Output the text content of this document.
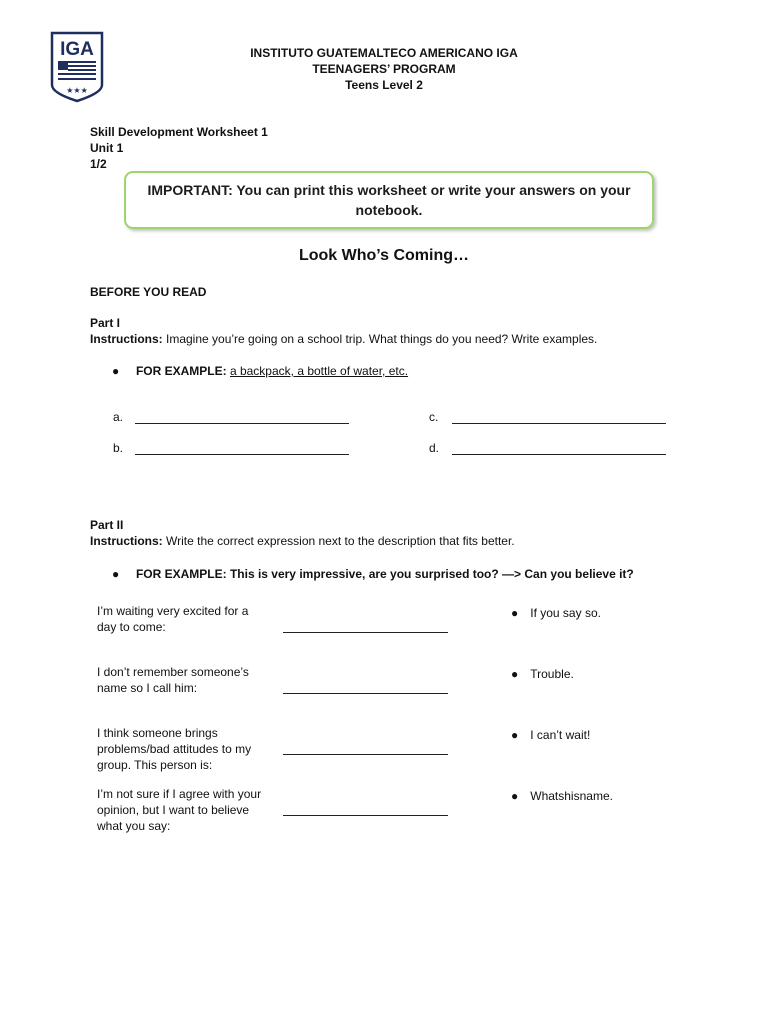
IGA
★★★
INSTITUTO GUATEMALTECO AMERICANO IGA
TEENAGERS’ PROGRAM
Teens Level 2
Skill Development Worksheet 1
Unit 1
1/2
IMPORTANT: You can print this worksheet or write your answers on your notebook.
Look Who’s Coming…
BEFORE YOU READ
Part I
Instructions: Imagine you’re going on a school trip. What things do you need? Write examples.
● FOR EXAMPLE: a backpack, a bottle of water, etc.
a.
b.
c.
d.
Part II
Instructions: Write the correct expression next to the description that fits better.
● FOR EXAMPLE: This is very impressive, are you surprised too? —> Can you believe it?
I’m waiting very excited for a day to come:
I don’t remember someone’s name so I call him:
I think someone brings problems/bad attitudes to my group. This person is:
I’m not sure if I agree with your opinion, but I want to believe what you say:
● If you say so.
● Trouble.
● I can’t wait!
● Whatshisname.
